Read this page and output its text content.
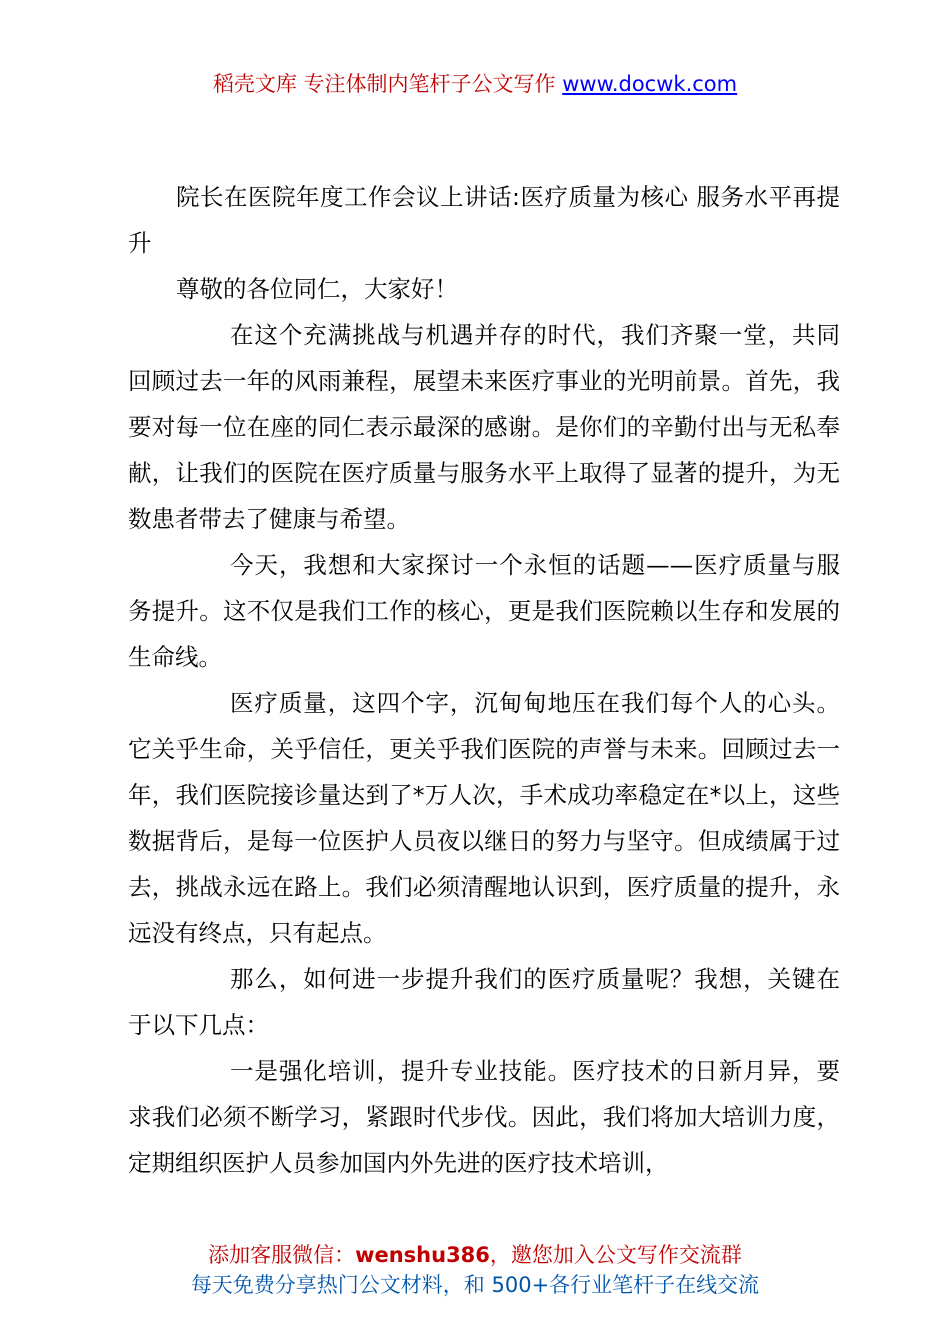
稻壳文库 专注体制内笔杆子公文写作 www.docwk.com

院长在医院年度工作会议上讲话:医疗质量为核心 服务水平再提升

尊敬的各位同仁，大家好！

在这个充满挑战与机遇并存的时代，我们齐聚一堂，共同回顾过去一年的风雨兼程，展望未来医疗事业的光明前景。首先，我要对每一位在座的同仁表示最深的感谢。是你们的辛勤付出与无私奉献，让我们的医院在医疗质量与服务水平上取得了显著的提升，为无数患者带去了健康与希望。

今天，我想和大家探讨一个永恒的话题——医疗质量与服务提升。这不仅是我们工作的核心，更是我们医院赖以生存和发展的生命线。

医疗质量，这四个字，沉甸甸地压在我们每个人的心头。它关乎生命，关乎信任，更关乎我们医院的声誉与未来。回顾过去一年，我们医院接诊量达到了*万人次，手术成功率稳定在*以上，这些数据背后，是每一位医护人员夜以继日的努力与坚守。但成绩属于过去，挑战永远在路上。我们必须清醒地认识到，医疗质量的提升，永远没有终点，只有起点。

那么，如何进一步提升我们的医疗质量呢？我想，关键在于以下几点：

一是强化培训，提升专业技能。医疗技术的日新月异，要求我们必须不断学习，紧跟时代步伐。因此，我们将加大培训力度，定期组织医护人员参加国内外先进的医疗技术培训，

添加客服微信：wenshu386，邀您加入公文写作交流群
每天免费分享热门公文材料，和 500+各行业笔杆子在线交流
